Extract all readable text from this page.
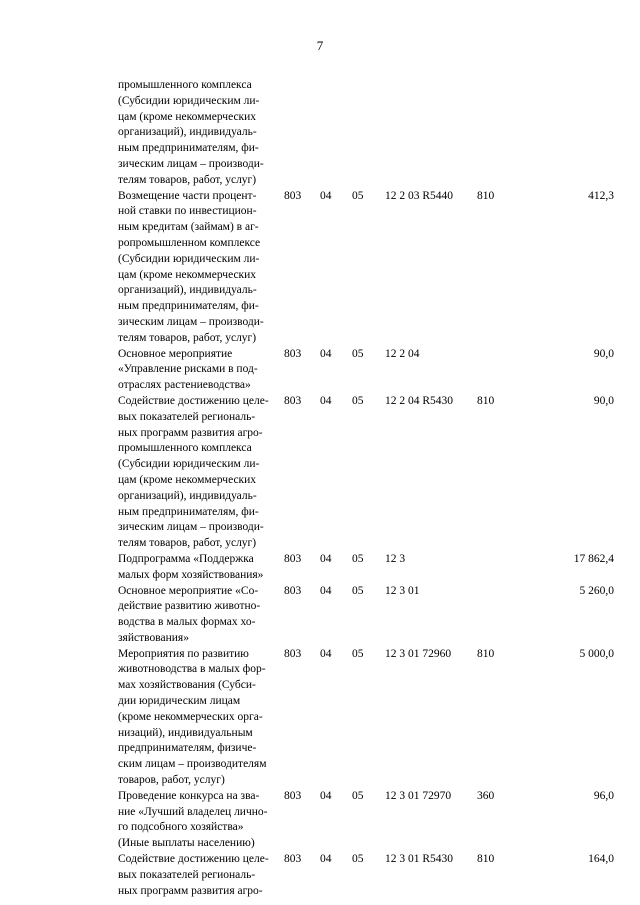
7
промышленного комплекса
(Субсидии юридическим ли-
цам (кроме некоммерческих
организаций), индивидуаль-
ным предпринимателям, фи-
зическим лицам – производи-
телям товаров, работ, услуг)
Возмещение части процент-
ной ставки по инвестицион-
ным кредитам (займам) в аг-
ропромышленном комплексе
(Субсидии юридическим ли-
цам (кроме некоммерческих
организаций), индивидуаль-
ным предпринимателям, фи-
зическим лицам – производи-
телям товаров, работ, услуг)
803	04	05	12 2 03 R5440	810	412,3
Основное мероприятие
«Управление рисками в под-
отраслях растениеводства»
803	04	05	12 2 04	90,0
Содействие достижению целе-
вых показателей региональ-
ных программ развития агро-
промышленного комплекса
(Субсидии юридическим ли-
цам (кроме некоммерческих
организаций), индивидуаль-
ным предпринимателям, фи-
зическим лицам – производи-
телям товаров, работ, услуг)
803	04	05	12 2 04 R5430	810	90,0
Подпрограмма «Поддержка
малых форм хозяйствования»
803	04	05	12 3	17 862,4
Основное мероприятие «Со-
действие развитию животно-
водства в малых формах хо-
зяйствования»
803	04	05	12 3 01	5 260,0
Мероприятия по развитию
животноводства в малых фор-
мах хозяйствования (Субси-
дии юридическим лицам
(кроме некоммерческих орга-
низаций), индивидуальным
предпринимателям, физиче-
ским лицам – производителям
товаров, работ, услуг)
803	04	05	12 3 01 72960	810	5 000,0
Проведение конкурса на зва-
ние «Лучший владелец лично-
го подсобного хозяйства»
(Иные выплаты населению)
803	04	05	12 3 01 72970	360	96,0
Содействие достижению целе-
вых показателей региональ-
ных программ развития агро-
803	04	05	12 3 01 R5430	810	164,0
